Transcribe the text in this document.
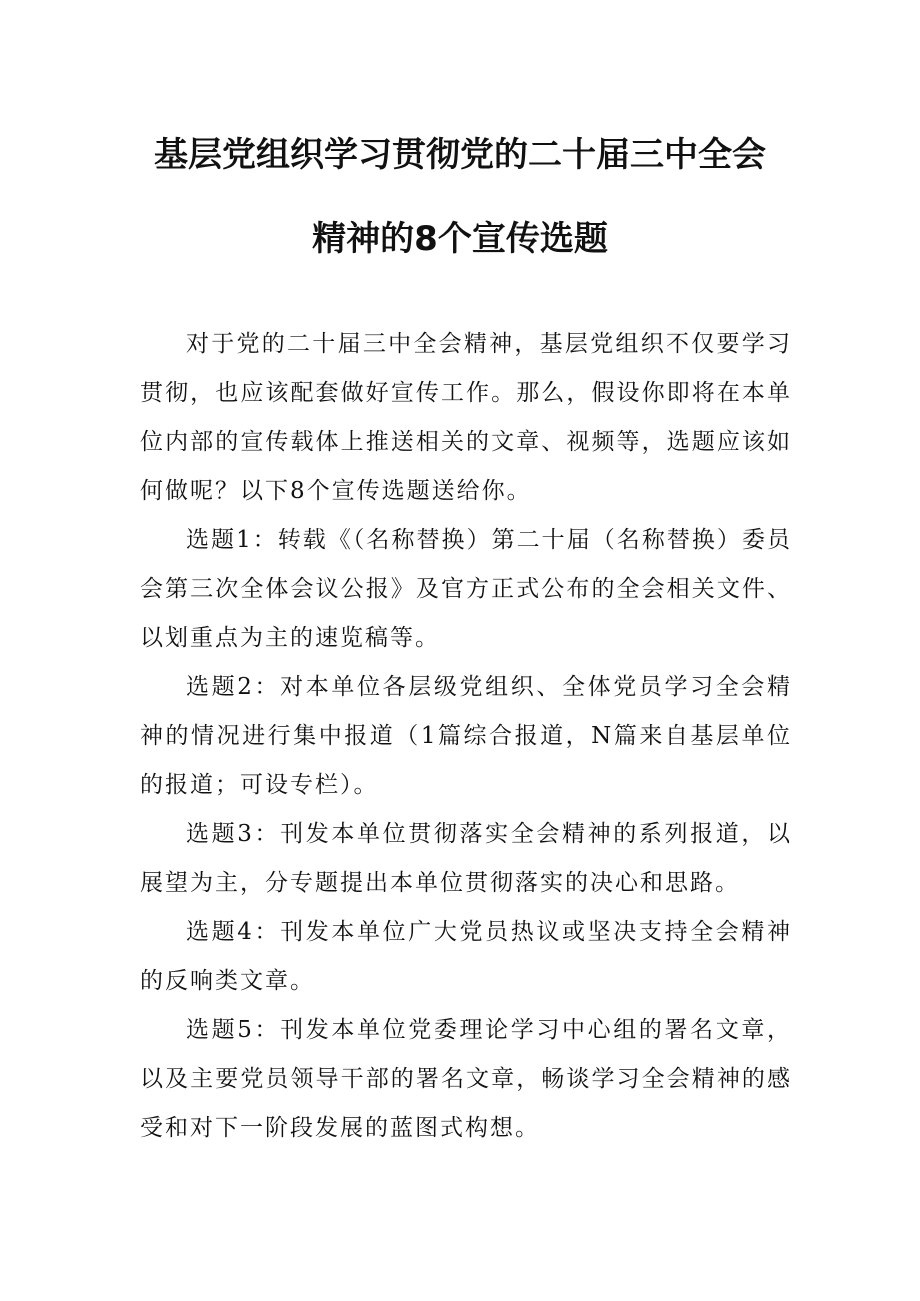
基层党组织学习贯彻党的二十届三中全会
精神的8个宣传选题

对于党的二十届三中全会精神，基层党组织不仅要学习贯彻，也应该配套做好宣传工作。那么，假设你即将在本单位内部的宣传载体上推送相关的文章、视频等，选题应该如何做呢？以下8个宣传选题送给你。

选题1：转载《（名称替换）第二十届（名称替换）委员会第三次全体会议公报》及官方正式公布的全会相关文件、以划重点为主的速览稿等。

选题2：对本单位各层级党组织、全体党员学习全会精神的情况进行集中报道（1篇综合报道，N篇来自基层单位的报道；可设专栏）。

选题3：刊发本单位贯彻落实全会精神的系列报道，以展望为主，分专题提出本单位贯彻落实的决心和思路。

选题4：刊发本单位广大党员热议或坚决支持全会精神的反响类文章。

选题5：刊发本单位党委理论学习中心组的署名文章，以及主要党员领导干部的署名文章，畅谈学习全会精神的感受和对下一阶段发展的蓝图式构想。
